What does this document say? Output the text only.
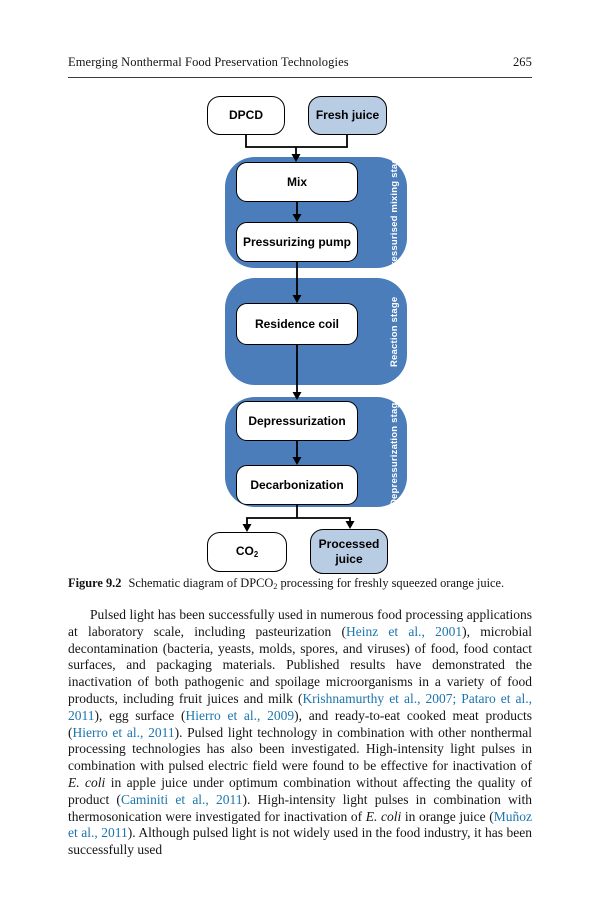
Emerging Nonthermal Food Preservation Technologies	265
Pressurised mixing stage
Reaction stage
Depressurization stage
DPCD	Fresh juice
Mix
Pressurizing pump
Residence coil
Depressurization
Decarbonization
CO2
Processed juice

Figure 9.2 Schematic diagram of DPCO2 processing for freshly squeezed orange juice.

Pulsed light has been successfully used in numerous food processing applications at laboratory scale, including pasteurization (Heinz et al., 2001), microbial decontamination (bacteria, yeasts, molds, spores, and viruses) of food, food contact surfaces, and packaging materials. Published results have demonstrated the inactivation of both pathogenic and spoilage microorganisms in a variety of food products, including fruit juices and milk (Krishnamurthy et al., 2007; Pataro et al., 2011), egg surface (Hierro et al., 2009), and ready-to-eat cooked meat products (Hierro et al., 2011). Pulsed light technology in combination with other nonthermal processing technologies has also been investigated. High-intensity light pulses in combination with pulsed electric field were found to be effective for inactivation of E. coli in apple juice under optimum combination without affecting the quality of product (Caminiti et al., 2011). High-intensity light pulses in combination with thermosonication were investigated for inactivation of E. coli in orange juice (Muñoz et al., 2011). Although pulsed light is not widely used in the food industry, it has been successfully used
